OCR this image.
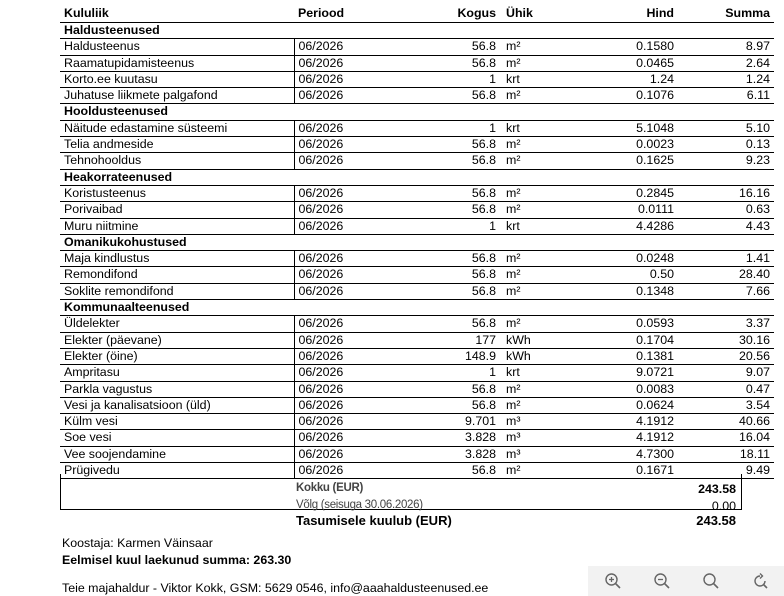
Kululiik	Periood	Kogus	Ühik	Hind	Summa
Haldusteenused					
Haldusteenus	06/2026	56.8	m²	0.1580	8.97
Raamatupidamisteenus	06/2026	56.8	m²	0.0465	2.64
Korto.ee kuutasu	06/2026	1	krt	1.24	1.24
Juhatuse liikmete palgafond	06/2026	56.8	m²	0.1076	6.11
Hooldusteenused					
Näitude edastamine süsteemi	06/2026	1	krt	5.1048	5.10
Telia andmeside	06/2026	56.8	m²	0.0023	0.13
Tehnohooldus	06/2026	56.8	m²	0.1625	9.23
Heakorrateenused					
Koristusteenus	06/2026	56.8	m²	0.2845	16.16
Porivaibad	06/2026	56.8	m²	0.0111	0.63
Muru niitmine	06/2026	1	krt	4.4286	4.43
Omanikukohustused					
Maja kindlustus	06/2026	56.8	m²	0.0248	1.41
Remondifond	06/2026	56.8	m²	0.50	28.40
Soklite remondifond	06/2026	56.8	m²	0.1348	7.66
Kommunaalteenused					
Üldelekter	06/2026	56.8	m²	0.0593	3.37
Elekter (päevane)	06/2026	177	kWh	0.1704	30.16
Elekter (öine)	06/2026	148.9	kWh	0.1381	20.56
Ampritasu	06/2026	1	krt	9.0721	9.07
Parkla vagustus	06/2026	56.8	m²	0.0083	0.47
Vesi ja kanalisatsioon (üld)	06/2026	56.8	m²	0.0624	3.54
Külm vesi	06/2026	9.701	m³	4.1912	40.66
Soe vesi	06/2026	3.828	m³	4.1912	16.04
Vee soojendamine	06/2026	3.828	m³	4.7300	18.11
Prügivedu	06/2026	56.8	m²	0.1671	9.49
Kokku (EUR)	243.58
Võlg (seisuga 30.06.2026)	0.00
Tasumisele kuulub (EUR)	243.58
Koostaja: Karmen Väinsaar
Eelmisel kuul laekunud summa: 263.30
Teie majahaldur - Viktor Kokk, GSM: 5629 0546, info@aaahaldusteenused.ee
